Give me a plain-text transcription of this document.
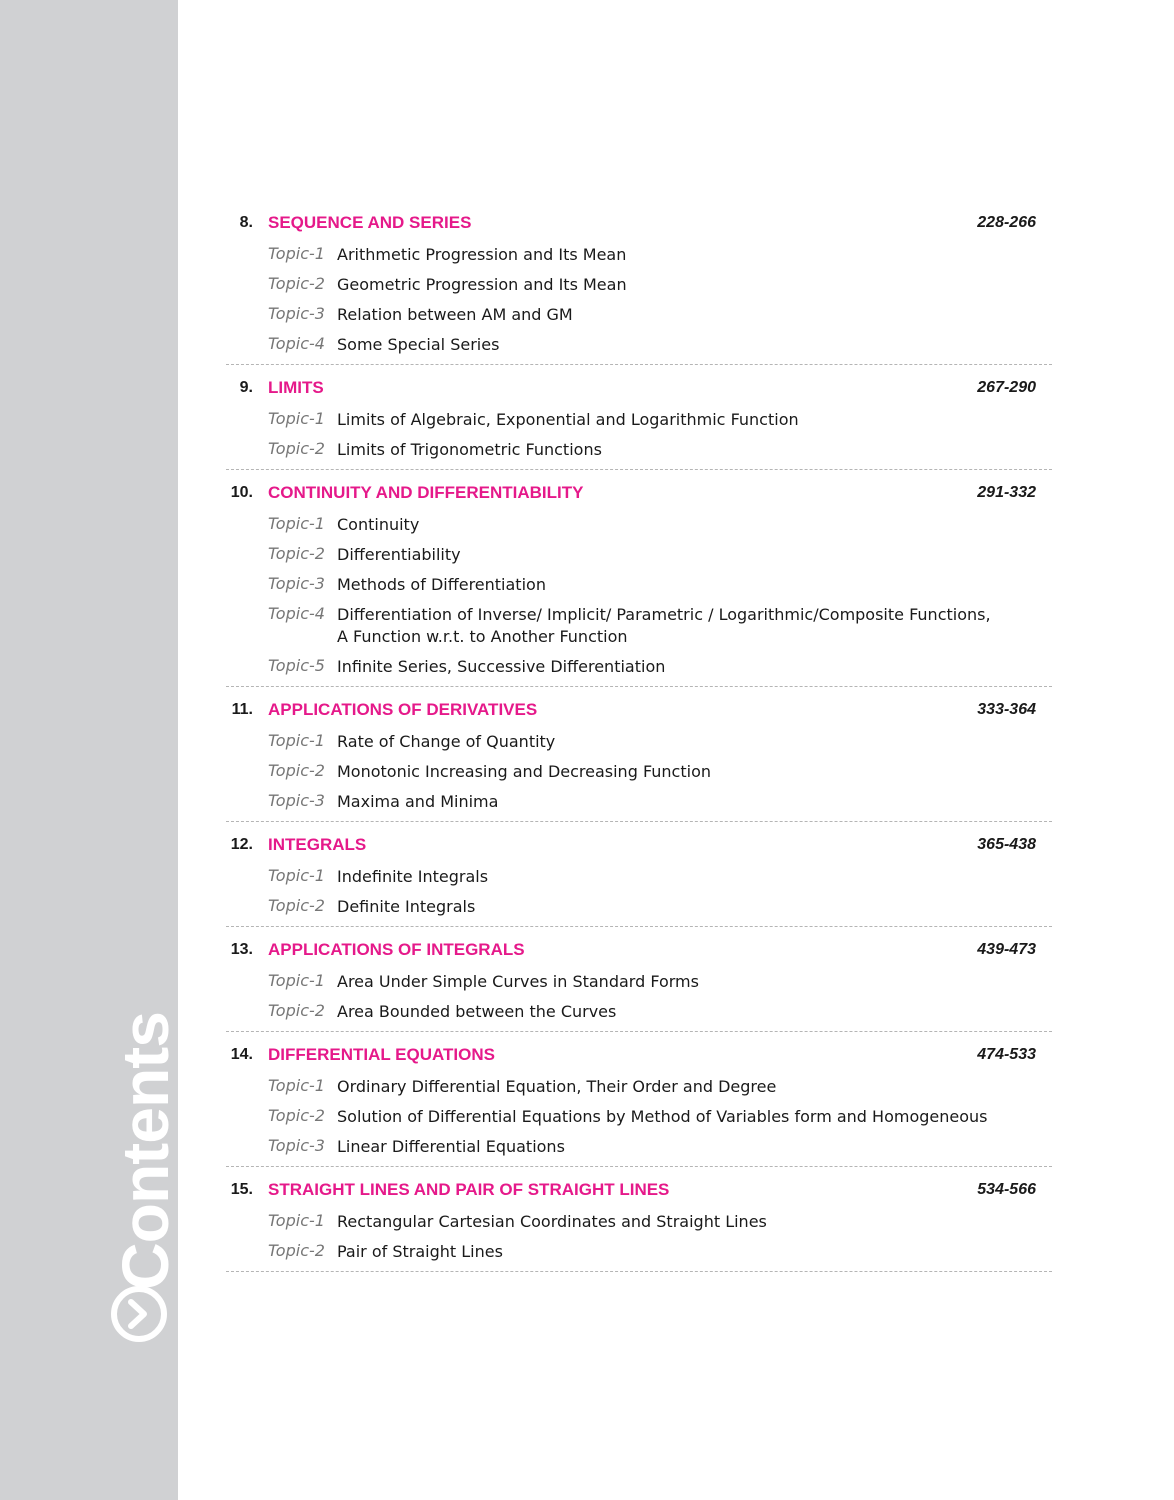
Contents
8. SEQUENCE AND SERIES	228-266
Topic-1 Arithmetic Progression and Its Mean
Topic-2 Geometric Progression and Its Mean
Topic-3 Relation between AM and GM
Topic-4 Some Special Series
9. LIMITS	267-290
Topic-1 Limits of Algebraic, Exponential and Logarithmic Function
Topic-2 Limits of Trigonometric Functions
10. CONTINUITY AND DIFFERENTIABILITY	291-332
Topic-1 Continuity
Topic-2 Differentiability
Topic-3 Methods of Differentiation
Topic-4 Differentiation of Inverse/ Implicit/ Parametric / Logarithmic/Composite Functions,
A Function w.r.t. to Another Function
Topic-5 Infinite Series, Successive Differentiation
11. APPLICATIONS OF DERIVATIVES	333-364
Topic-1 Rate of Change of Quantity
Topic-2 Monotonic Increasing and Decreasing Function
Topic-3 Maxima and Minima
12. INTEGRALS	365-438
Topic-1 Indefinite Integrals
Topic-2 Definite Integrals
13. APPLICATIONS OF INTEGRALS	439-473
Topic-1 Area Under Simple Curves in Standard Forms
Topic-2 Area Bounded between the Curves
14. DIFFERENTIAL EQUATIONS	474-533
Topic-1 Ordinary Differential Equation, Their Order and Degree
Topic-2 Solution of Differential Equations by Method of Variables form and Homogeneous
Topic-3 Linear Differential Equations
15. STRAIGHT LINES AND PAIR OF STRAIGHT LINES	534-566
Topic-1 Rectangular Cartesian Coordinates and Straight Lines
Topic-2 Pair of Straight Lines
